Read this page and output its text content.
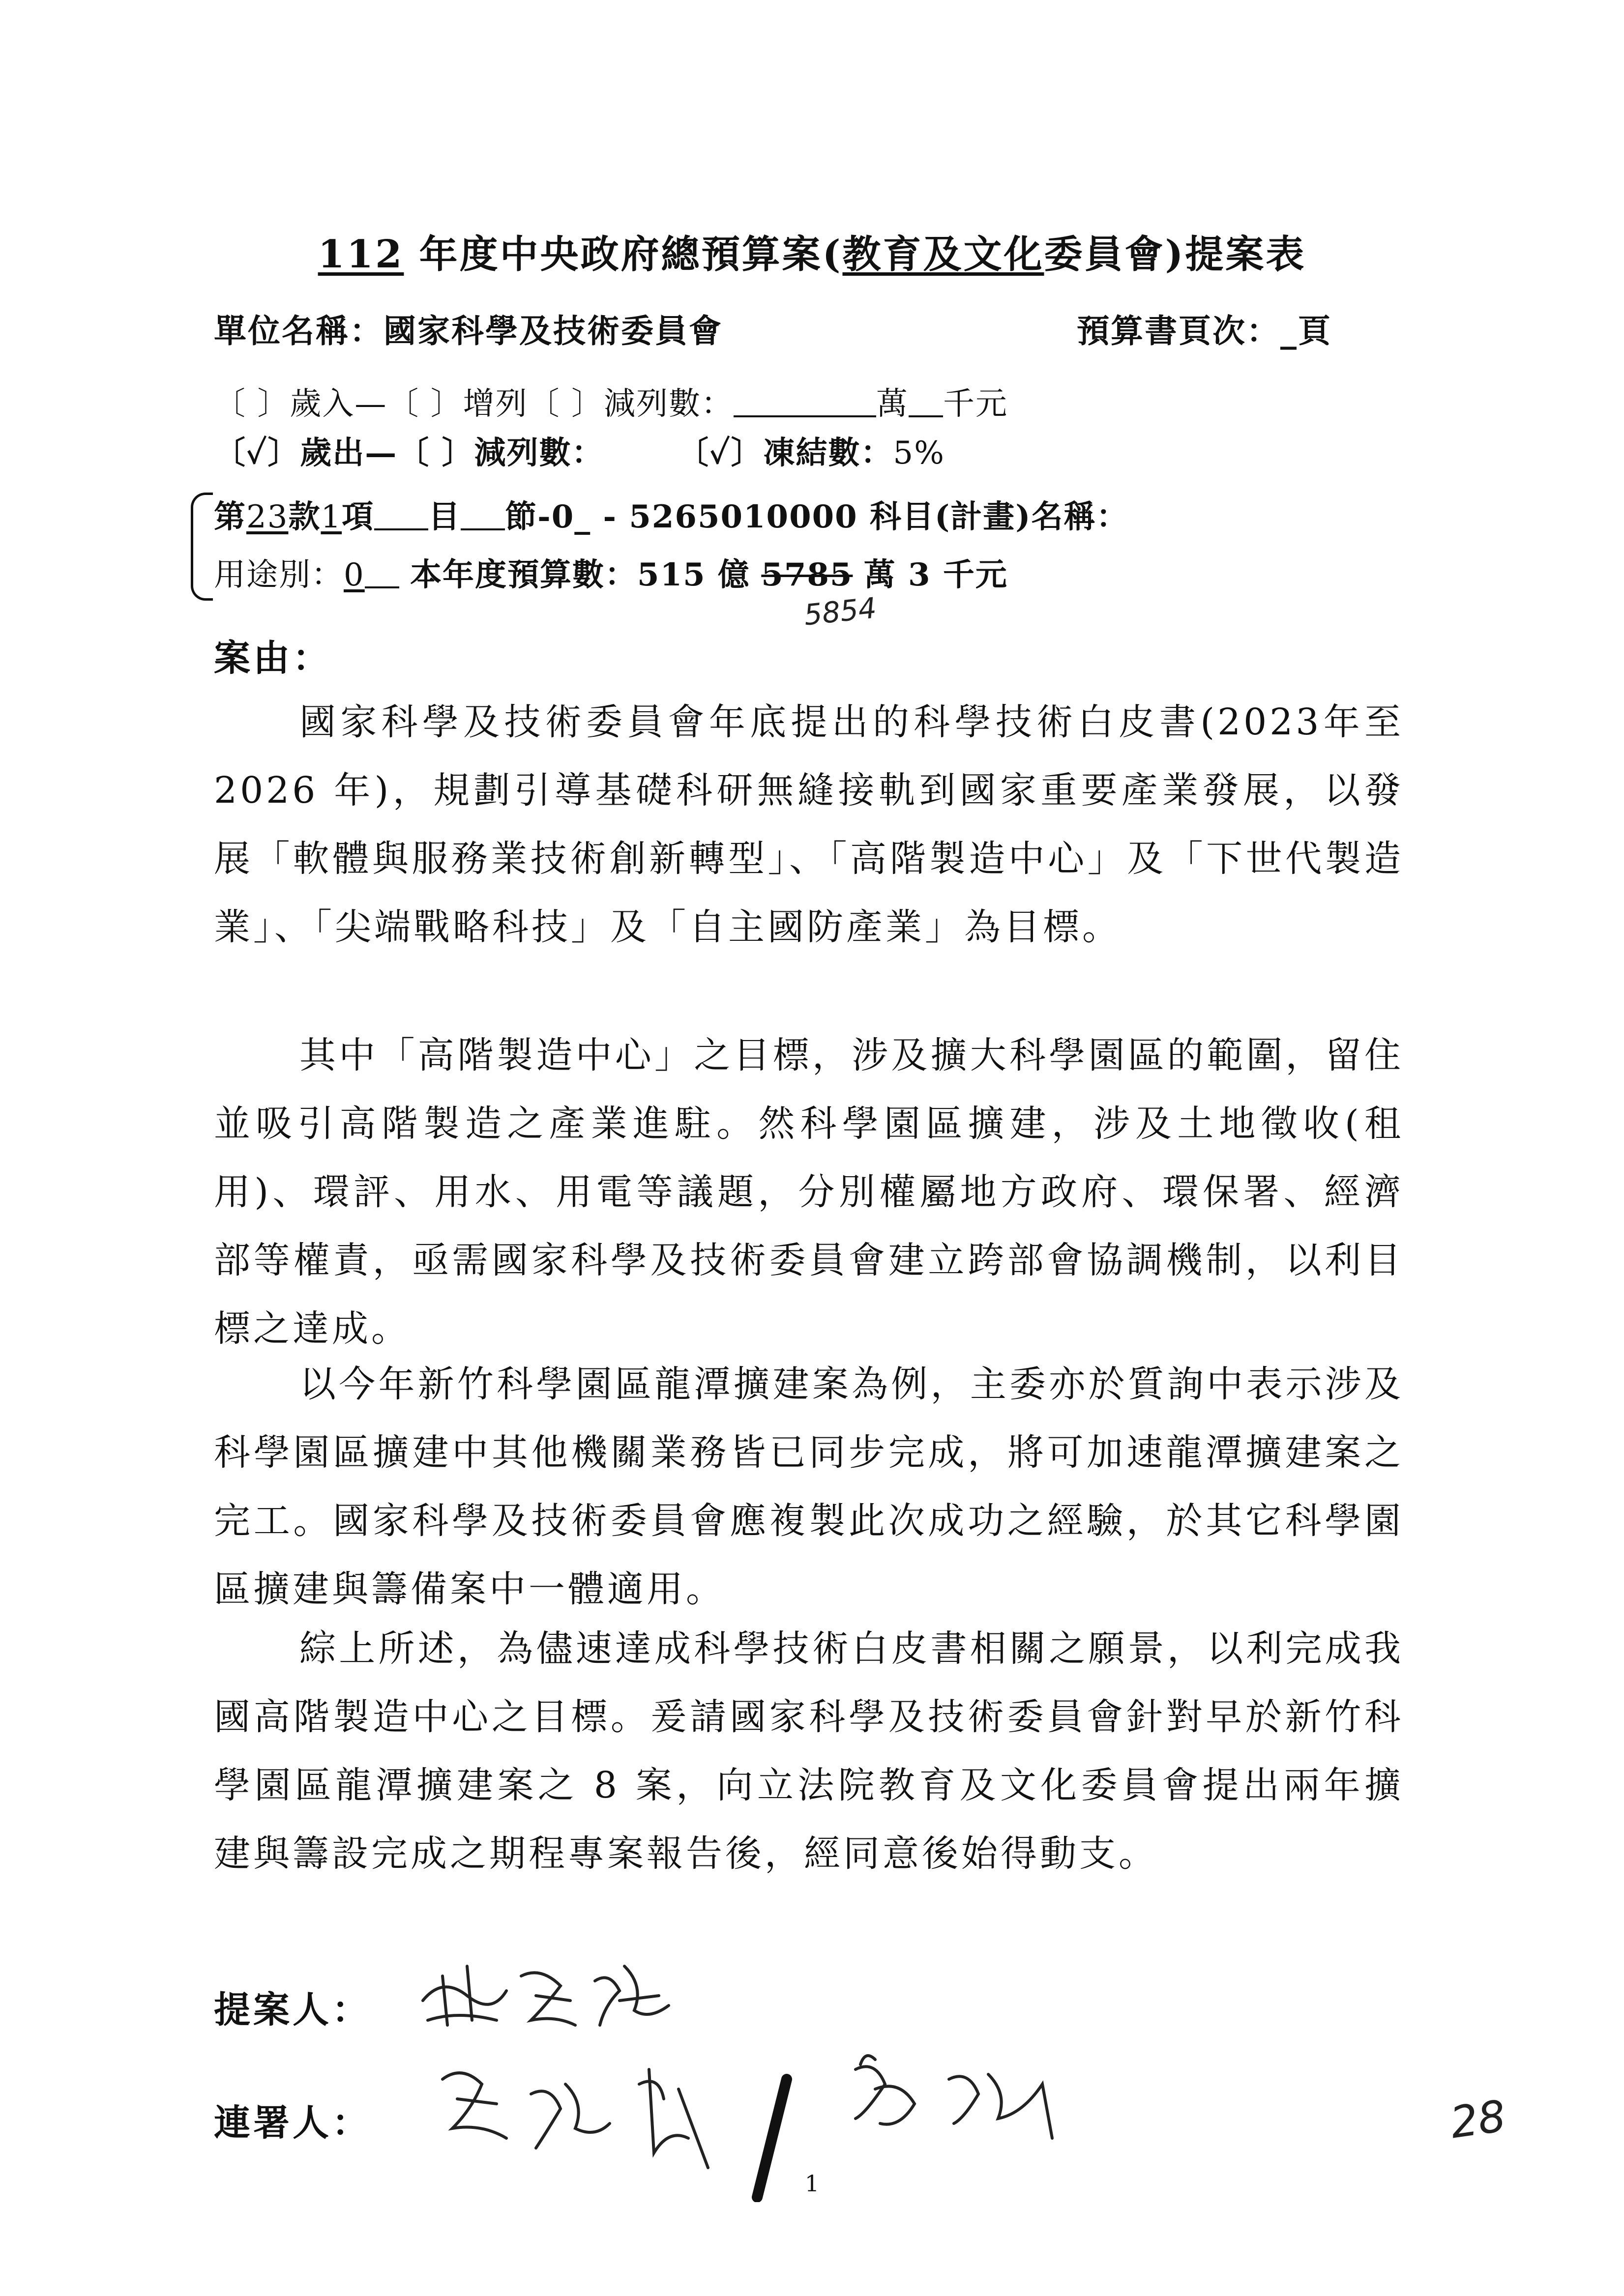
112 年度中央政府總預算案(教育及文化委員會)提案表
單位名稱：國家科學及技術委員會	預算書頁次：_頁
〔 〕歲入—〔 〕增列〔 〕減列數：	萬 千元
〔✓〕歲出—〔 〕減列數： 〔✓〕凍結數：5%
第23款1項 目 節-0_ - 5265010000 科目(計畫)名稱：
用途別：0 本年度預算數：515 億 5785 萬 3 千元
5854
案由：
國家科學及技術委員會年底提出的科學技術白皮書(2023年至 2026 年)，規劃引導基礎科研無縫接軌到國家重要產業發展，以發展「軟體與服務業技術創新轉型」、「高階製造中心」及「下世代製造業」、「尖端戰略科技」及「自主國防產業」為目標。
其中「高階製造中心」之目標，涉及擴大科學園區的範圍，留住並吸引高階製造之產業進駐。然科學園區擴建，涉及土地徵收(租用)、環評、用水、用電等議題，分別權屬地方政府、環保署、經濟部等權責，亟需國家科學及技術委員會建立跨部會協調機制，以利目標之達成。
以今年新竹科學園區龍潭擴建案為例，主委亦於質詢中表示涉及科學園區擴建中其他機關業務皆已同步完成，將可加速龍潭擴建案之完工。國家科學及技術委員會應複製此次成功之經驗，於其它科學園區擴建與籌備案中一體適用。
綜上所述，為儘速達成科學技術白皮書相關之願景，以利完成我國高階製造中心之目標。爰請國家科學及技術委員會針對早於新竹科學園區龍潭擴建案之 8 案，向立法院教育及文化委員會提出兩年擴建與籌設完成之期程專案報告後，經同意後始得動支。
提案人：
連署人：
1
28
